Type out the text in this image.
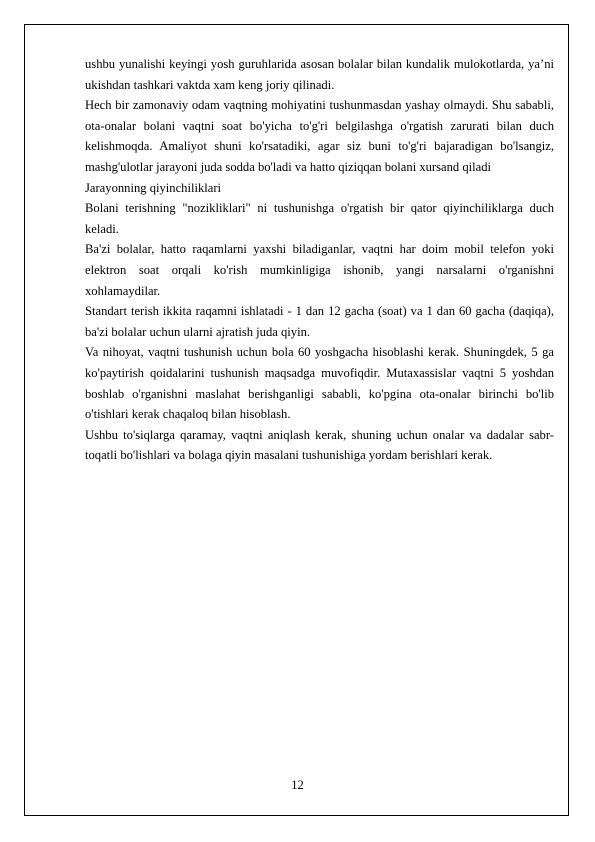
ushbu yunalishi keyingi yosh guruhlarida asosan bolalar bilan kundalik mulokotlarda, ya’ni ukishdan tashkari vaktda xam keng joriy qilinadi.

Hech bir zamonaviy odam vaqtning mohiyatini tushunmasdan yashay olmaydi. Shu sababli, ota-onalar bolani vaqtni soat bo'yicha to'g'ri belgilashga o'rgatish zarurati bilan duch kelishmoqda. Amaliyot shuni ko'rsatadiki, agar siz buni to'g'ri bajaradigan bo'lsangiz, mashg'ulotlar jarayoni juda sodda bo'ladi va hatto qiziqqan bolani xursand qiladi

Jarayonning qiyinchiliklari

Bolani terishning "nozikliklari" ni tushunishga o'rgatish bir qator qiyinchiliklarga duch keladi.

Ba'zi bolalar, hatto raqamlarni yaxshi biladiganlar, vaqtni har doim mobil telefon yoki elektron soat orqali ko'rish mumkinligiga ishonib, yangi narsalarni o'rganishni xohlamaydilar.

Standart terish ikkita raqamni ishlatadi - 1 dan 12 gacha (soat) va 1 dan 60 gacha (daqiqa), ba'zi bolalar uchun ularni ajratish juda qiyin.

Va nihoyat, vaqtni tushunish uchun bola 60 yoshgacha hisoblashi kerak. Shuningdek, 5 ga ko'paytirish qoidalarini tushunish maqsadga muvofiqdir. Mutaxassislar vaqtni 5 yoshdan boshlab o'rganishni maslahat berishganligi sababli, ko'pgina ota-onalar birinchi bo'lib o'tishlari kerak chaqaloq bilan hisoblash.

Ushbu to'siqlarga qaramay, vaqtni aniqlash kerak, shuning uchun onalar va dadalar sabr-toqatli bo'lishlari va bolaga qiyin masalani tushunishiga yordam berishlari kerak.

12
